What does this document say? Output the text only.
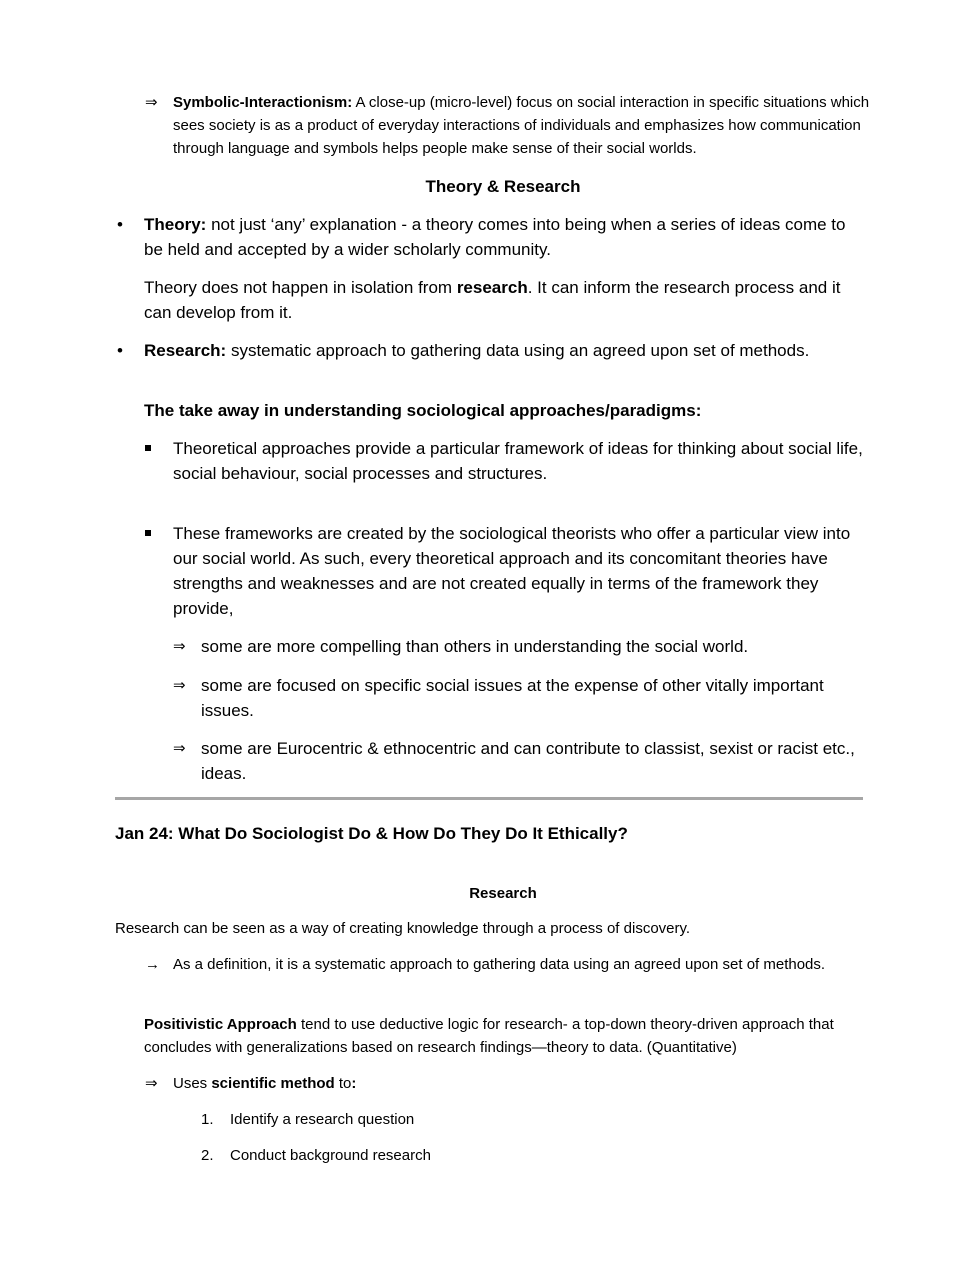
⇒ Symbolic-Interactionism: A close-up (micro-level) focus on social interaction in specific situations which sees society is as a product of everyday interactions of individuals and emphasizes how communication through language and symbols helps people make sense of their social worlds.

Theory & Research

• Theory: not just ‘any’ explanation - a theory comes into being when a series of ideas come to be held and accepted by a wider scholarly community.

Theory does not happen in isolation from research. It can inform the research process and it can develop from it.

• Research: systematic approach to gathering data using an agreed upon set of methods.

The take away in understanding sociological approaches/paradigms:

Theoretical approaches provide a particular framework of ideas for thinking about social life, social behaviour, social processes and structures.

These frameworks are created by the sociological theorists who offer a particular view into our social world. As such, every theoretical approach and its concomitant theories have strengths and weaknesses and are not created equally in terms of the framework they provide,

⇒ some are more compelling than others in understanding the social world.

⇒ some are focused on specific social issues at the expense of other vitally important issues.

⇒ some are Eurocentric & ethnocentric and can contribute to classist, sexist or racist etc., ideas.

Jan 24: What Do Sociologist Do & How Do They Do It Ethically?

Research

Research can be seen as a way of creating knowledge through a process of discovery.

→ As a definition, it is a systematic approach to gathering data using an agreed upon set of methods.

Positivistic Approach tend to use deductive logic for research- a top-down theory-driven approach that concludes with generalizations based on research findings—theory to data. (Quantitative)

⇒ Uses scientific method to:

1. Identify a research question

2. Conduct background research
